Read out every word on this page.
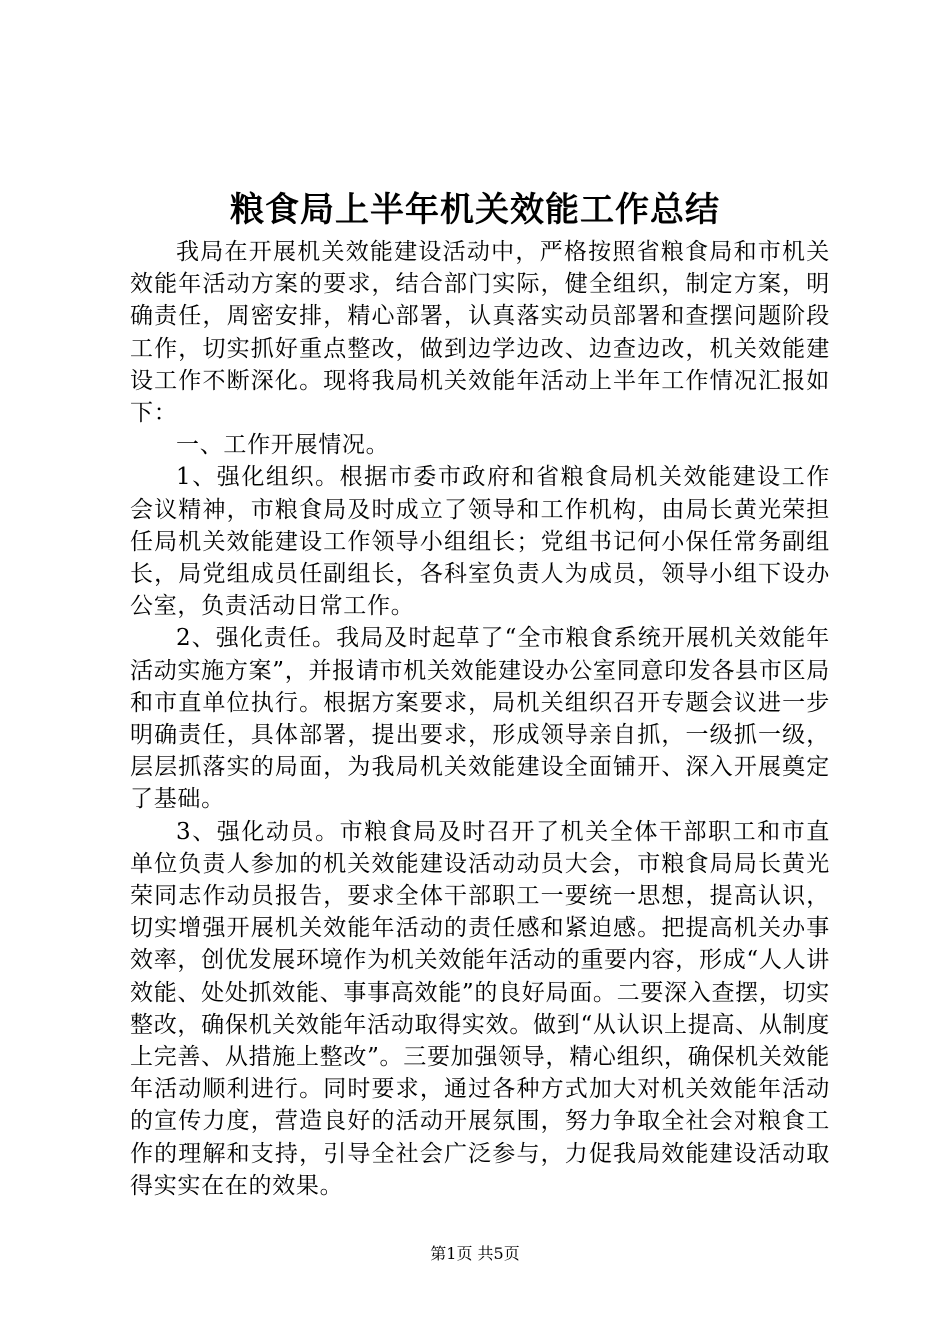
粮食局上半年机关效能工作总结

我局在开展机关效能建设活动中，严格按照省粮食局和市机关效能年活动方案的要求，结合部门实际，健全组织，制定方案，明确责任，周密安排，精心部署，认真落实动员部署和查摆问题阶段工作，切实抓好重点整改，做到边学边改、边查边改，机关效能建设工作不断深化。现将我局机关效能年活动上半年工作情况汇报如下：

一、工作开展情况。

1、强化组织。根据市委市政府和省粮食局机关效能建设工作会议精神，市粮食局及时成立了领导和工作机构，由局长黄光荣担任局机关效能建设工作领导小组组长；党组书记何小保任常务副组长，局党组成员任副组长，各科室负责人为成员，领导小组下设办公室，负责活动日常工作。

2、强化责任。我局及时起草了“全市粮食系统开展机关效能年活动实施方案”，并报请市机关效能建设办公室同意印发各县市区局和市直单位执行。根据方案要求，局机关组织召开专题会议进一步明确责任，具体部署，提出要求，形成领导亲自抓，一级抓一级，层层抓落实的局面，为我局机关效能建设全面铺开、深入开展奠定了基础。

3、强化动员。市粮食局及时召开了机关全体干部职工和市直单位负责人参加的机关效能建设活动动员大会，市粮食局局长黄光荣同志作动员报告，要求全体干部职工一要统一思想，提高认识，切实增强开展机关效能年活动的责任感和紧迫感。把提高机关办事效率，创优发展环境作为机关效能年活动的重要内容，形成“人人讲效能、处处抓效能、事事高效能”的良好局面。二要深入查摆，切实整改，确保机关效能年活动取得实效。做到“从认识上提高、从制度上完善、从措施上整改”。三要加强领导，精心组织，确保机关效能年活动顺利进行。同时要求，通过各种方式加大对机关效能年活动的宣传力度，营造良好的活动开展氛围，努力争取全社会对粮食工作的理解和支持，引导全社会广泛参与，力促我局效能建设活动取得实实在在的效果。

第1页 共5页
